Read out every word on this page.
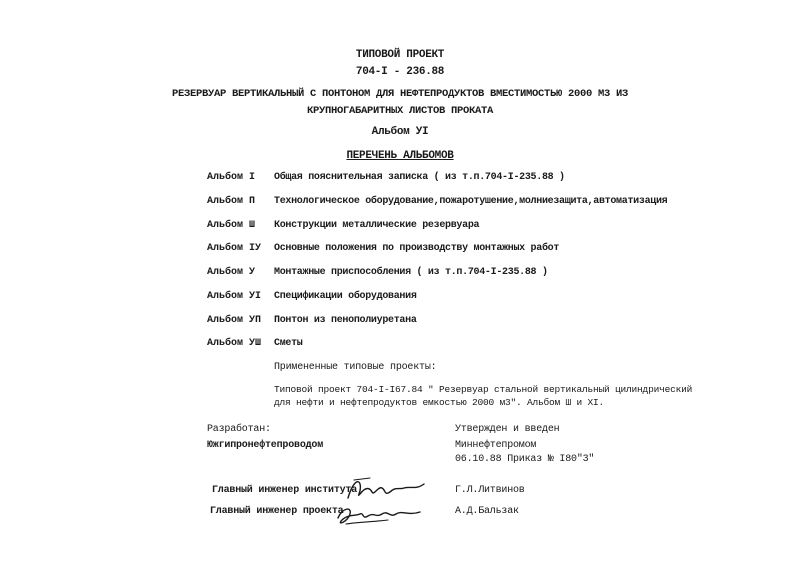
ТИПОВОЙ ПРОЕКТ
704-I - 236.88
РЕЗЕРВУАР ВЕРТИКАЛЬНЫЙ С ПОНТОНОМ ДЛЯ НЕФТЕПРОДУКТОВ ВМЕСТИМОСТЬЮ 2000 М3 ИЗ
КРУПНОГАБАРИТНЫХ ЛИСТОВ ПРОКАТА
Альбом УI
ПЕРЕЧЕНЬ АЛЬБОМОВ
Альбом I Общая пояснительная записка ( из т.п.704-I-235.88 )
Альбом П Технологическое оборудование,пожаротушение,молниезащита,автоматизация
Альбом Ш Конструкции металлические резервуара
Альбом IУ Основные положения по производству монтажных работ
Альбом У Монтажные приспособления ( из т.п.704-I-235.88 )
Альбом УI Спецификации оборудования
Альбом УП Понтон из пенополиуретана
Альбом УШ Сметы
Примененные типовые проекты:
Типовой проект 704-I-I67.84 " Резервуар стальной вертикальный цилиндрический
для нефти и нефтепродуктов емкостью 2000 м3". Альбом Ш и XI.
Разработан:
Южгипронефтепроводом
Утвержден и введен
Миннефтепромом
06.10.88 Приказ № I80"3"
Главный инженер института	Г.Л.Литвинов
Главный инженер проекта	А.Д.Бальзак
